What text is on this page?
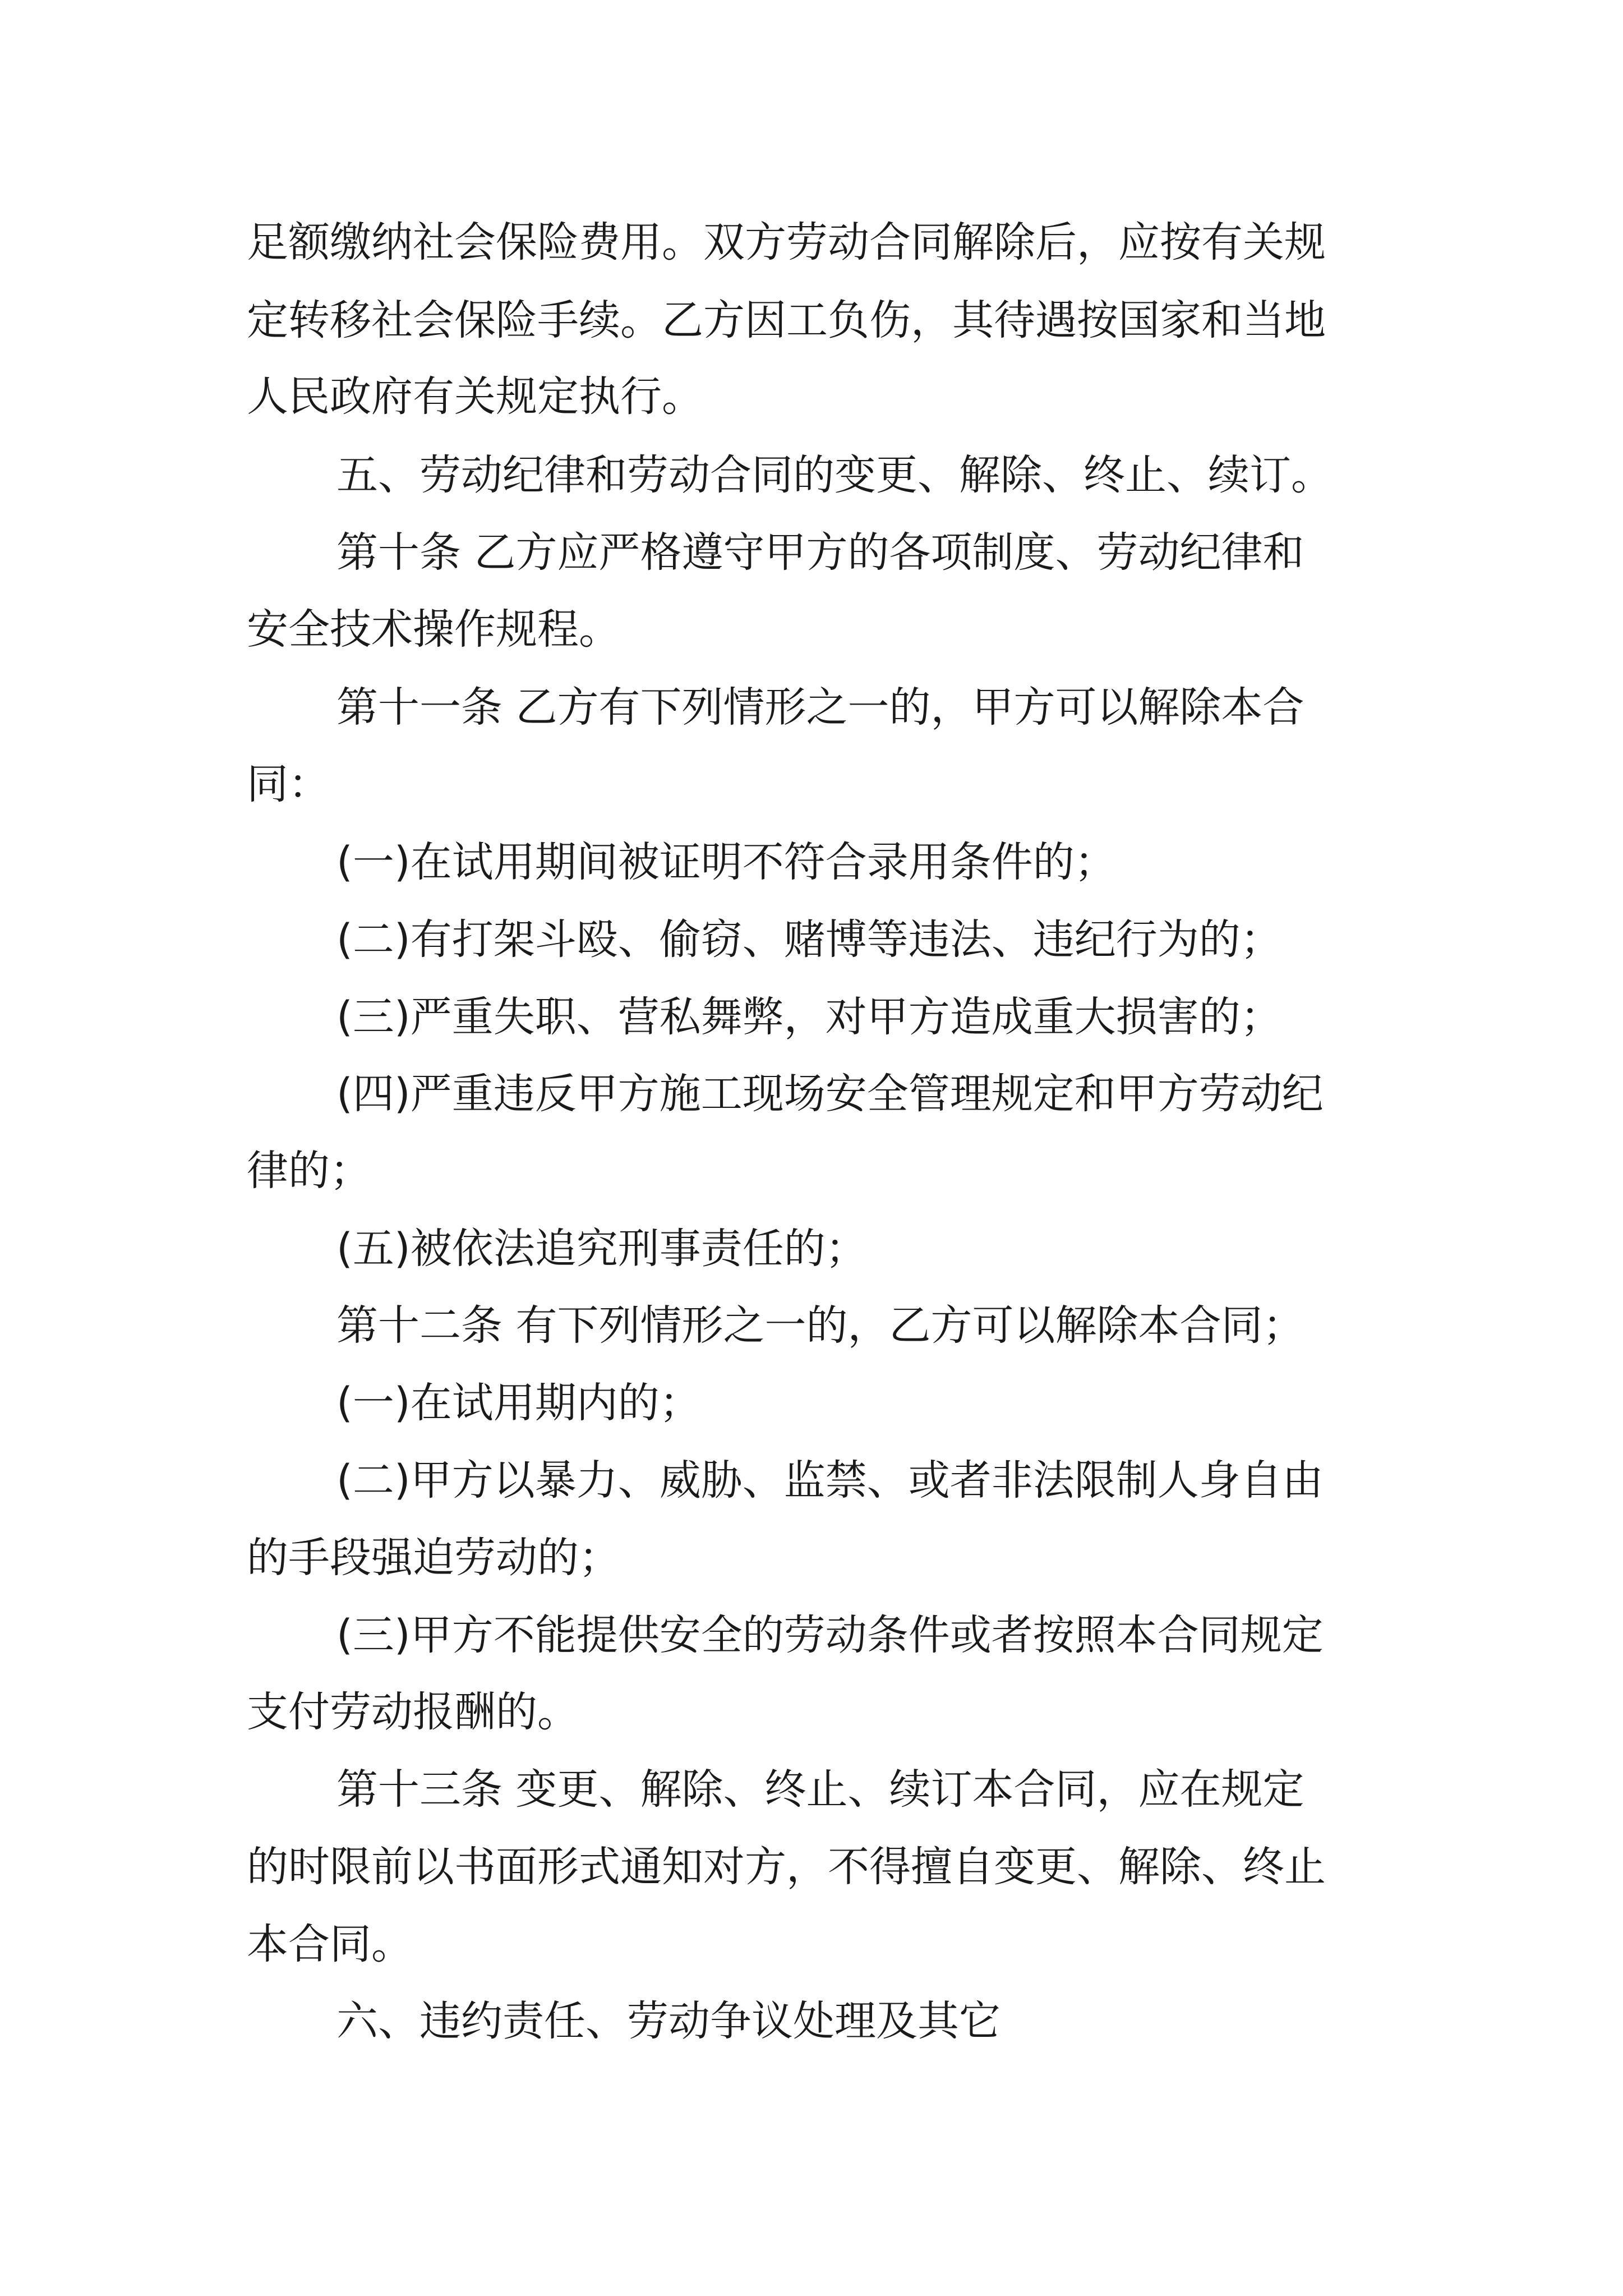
足额缴纳社会保险费用。双方劳动合同解除后，应按有关规
定转移社会保险手续。乙方因工负伤，其待遇按国家和当地
人民政府有关规定执行。
五、劳动纪律和劳动合同的变更、解除、终止、续订。
第十条 乙方应严格遵守甲方的各项制度、劳动纪律和
安全技术操作规程。
第十一条 乙方有下列情形之一的，甲方可以解除本合
同：
(一)在试用期间被证明不符合录用条件的；
(二)有打架斗殴、偷窃、赌博等违法、违纪行为的；
(三)严重失职、营私舞弊，对甲方造成重大损害的；
(四)严重违反甲方施工现场安全管理规定和甲方劳动纪
律的；
(五)被依法追究刑事责任的；
第十二条 有下列情形之一的，乙方可以解除本合同；
(一)在试用期内的；
(二)甲方以暴力、威胁、监禁、或者非法限制人身自由
的手段强迫劳动的；
(三)甲方不能提供安全的劳动条件或者按照本合同规定
支付劳动报酬的。
第十三条 变更、解除、终止、续订本合同，应在规定
的时限前以书面形式通知对方，不得擅自变更、解除、终止
本合同。
六、违约责任、劳动争议处理及其它
